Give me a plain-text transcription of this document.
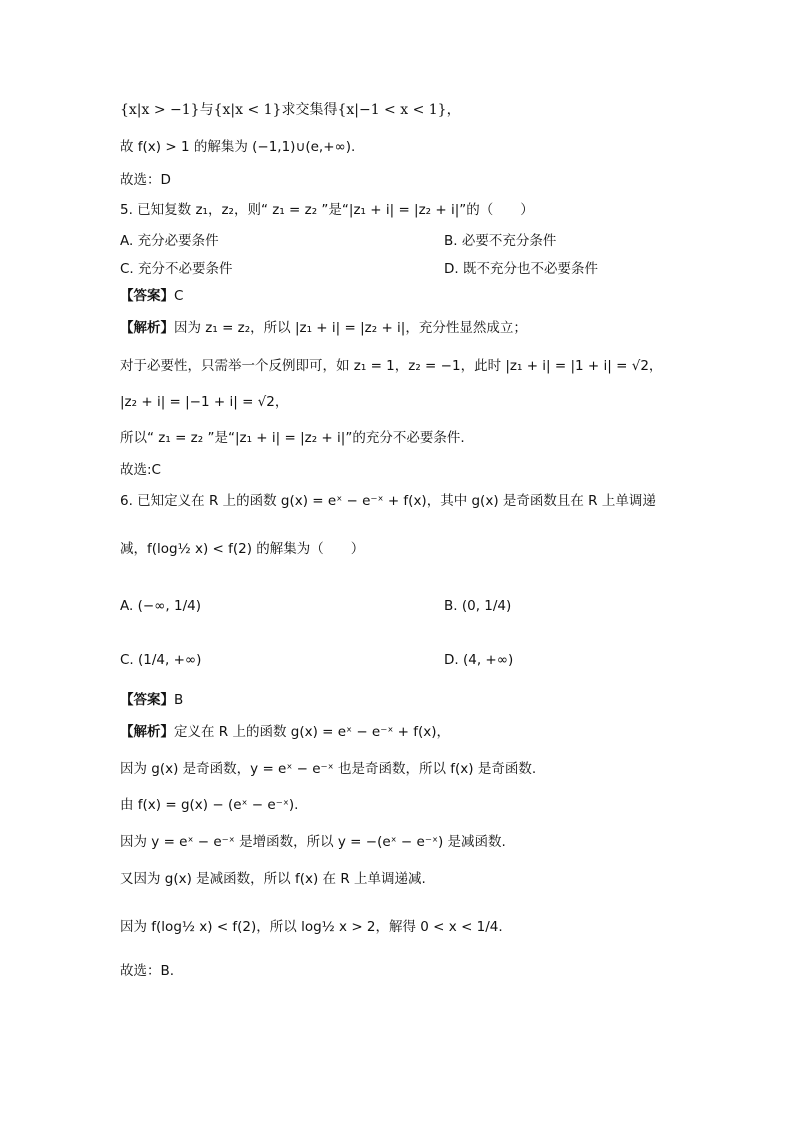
{x|x > −1}与{x|x < 1}求交集得{x|−1 < x < 1}，
故 f(x) > 1 的解集为 (−1,1)∪(e,+∞).
故选：D
5. 已知复数 z₁，z₂，则“ z₁ = z₂ ”是“|z₁ + i| = |z₂ + i|”的（　　）
A. 充分必要条件	B. 必要不充分条件
C. 充分不必要条件	D. 既不充分也不必要条件
【答案】C
【解析】因为 z₁ = z₂，所以 |z₁ + i| = |z₂ + i|，充分性显然成立；
对于必要性，只需举一个反例即可，如 z₁ = 1，z₂ = −1，此时 |z₁ + i| = |1 + i| = √2，
|z₂ + i| = |−1 + i| = √2，
所以“ z₁ = z₂ ”是“|z₁ + i| = |z₂ + i|”的充分不必要条件.
故选:C
6. 已知定义在 R 上的函数 g(x) = eˣ − e⁻ˣ + f(x)，其中 g(x) 是奇函数且在 R 上单调递
减，f(log½ x) < f(2) 的解集为（　　）
A. (−∞, 1/4)	B. (0, 1/4)
C. (1/4, +∞)	D. (4, +∞)
【答案】B
【解析】定义在 R 上的函数 g(x) = eˣ − e⁻ˣ + f(x)，
因为 g(x) 是奇函数，y = eˣ − e⁻ˣ 也是奇函数，所以 f(x) 是奇函数.
由 f(x) = g(x) − (eˣ − e⁻ˣ).
因为 y = eˣ − e⁻ˣ 是增函数，所以 y = −(eˣ − e⁻ˣ) 是减函数.
又因为 g(x) 是减函数，所以 f(x) 在 R 上单调递减.
因为 f(log½ x) < f(2)，所以 log½ x > 2，解得 0 < x < 1/4.
故选：B.
